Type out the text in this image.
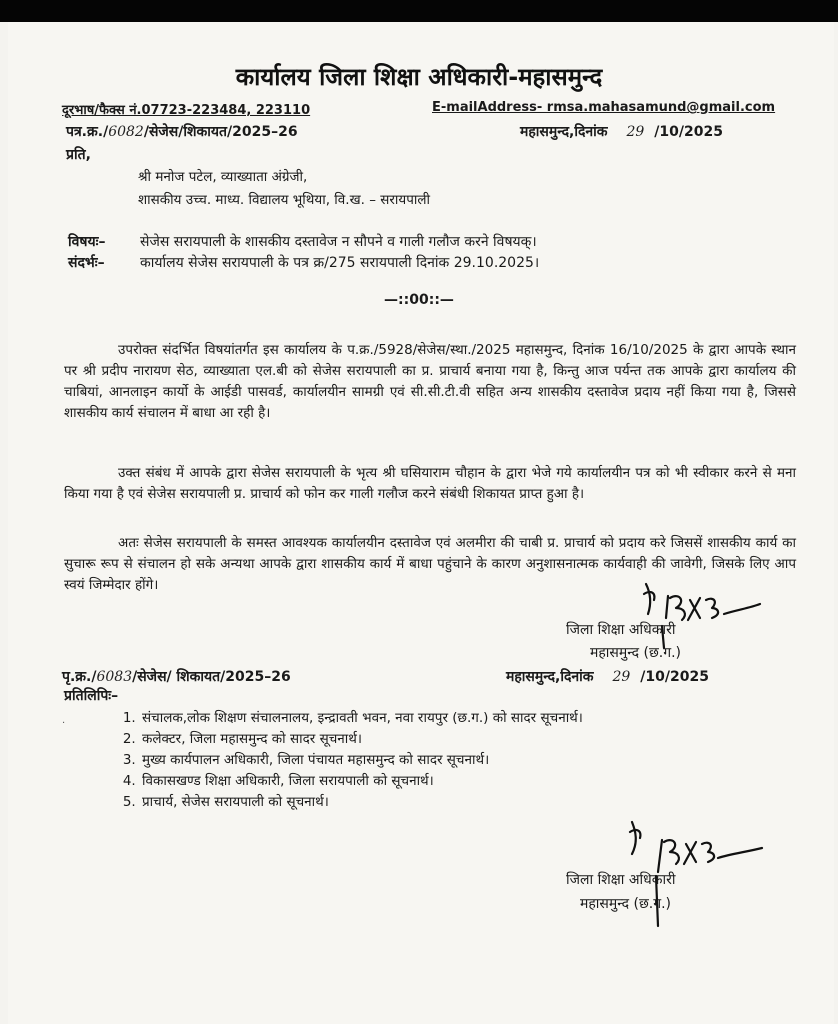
कार्यालय जिला शिक्षा अधिकारी-महासमुन्द
दूरभाष/फैक्स नं.07723-223484, 223110	E-mailAddress- rmsa.mahasamund@gmail.com
पत्र.क्र./6082/सेजेस/शिकायत/2025–26	महासमुन्द,दिनांक 29 /10/2025
प्रति,
श्री मनोज पटेल, व्याख्याता अंग्रेजी,
शासकीय उच्च. माध्य. विद्यालय भूथिया, वि.ख. – सरायपाली
विषयः– सेजेस सरायपाली के शासकीय दस्तावेज न सौपने व गाली गलौज करने विषयक्।
संदर्भः–	कार्यालय सेजेस सरायपाली के पत्र क्र/275 सरायपाली दिनांक 29.10.2025।
—::00::—
उपरोक्त संदर्भित विषयांतर्गत इस कार्यालय के प.क्र./5928/सेजेस/स्था./2025 महासमुन्द, दिनांक 16/10/2025 के द्वारा आपके स्थान पर श्री प्रदीप नारायण सेठ, व्याख्याता एल.बी को सेजेस सरायपाली का प्र. प्राचार्य बनाया गया है, किन्तु आज पर्यन्त तक आपके द्वारा कार्यालय की चाबियां, आनलाइन कार्यो के आईडी पासवर्ड, कार्यालयीन सामग्री एवं सी.सी.टी.वी सहित अन्य शासकीय दस्तावेज प्रदाय नहीं किया गया है, जिससे शासकीय कार्य संचालन में बाधा आ रही है।
उक्त संबंध में आपके द्वारा सेजेस सरायपाली के भृत्य श्री घसियाराम चौहान के द्वारा भेजे गये कार्यालयीन पत्र को भी स्वीकार करने से मना किया गया है एवं सेजेस सरायपाली प्र. प्राचार्य को फोन कर गाली गलौज करने संबंधी शिकायत प्राप्त हुआ है।
अतः सेजेस सरायपाली के समस्त आवश्यक कार्यालयीन दस्तावेज एवं अलमीरा की चाबी प्र. प्राचार्य को प्रदाय करे जिससें शासकीय कार्य का सुचारू रूप से संचालन हो सके अन्यथा आपके द्वारा शासकीय कार्य में बाधा पहुंचाने के कारण अनुशासनात्मक कार्यवाही की जावेगी, जिसके लिए आप स्वयं जिम्मेदार होंगे।
जिला शिक्षा अधिकारी
महासमुन्द (छ.ग.)
पृ.क्र./6083/सेजेस/ शिकायत/2025–26	महासमुन्द,दिनांक 29 /10/2025
प्रतिलिपिः–
·
1.	संचालक,लोक शिक्षण संचालनालय, इन्द्रावती भवन, नवा रायपुर (छ.ग.) को सादर सूचनार्थ।
2. कलेक्टर, जिला महासमुन्द को सादर सूचनार्थ।
3. मुख्य कार्यपालन अधिकारी, जिला पंचायत महासमुन्द को सादर सूचनार्थ।
4. विकासखण्ड शिक्षा अधिकारी, जिला सरायपाली को सूचनार्थ।
5. प्राचार्य, सेजेस सरायपाली को सूचनार्थ।
जिला शिक्षा अधिकारी
महासमुन्द (छ.ग.)
